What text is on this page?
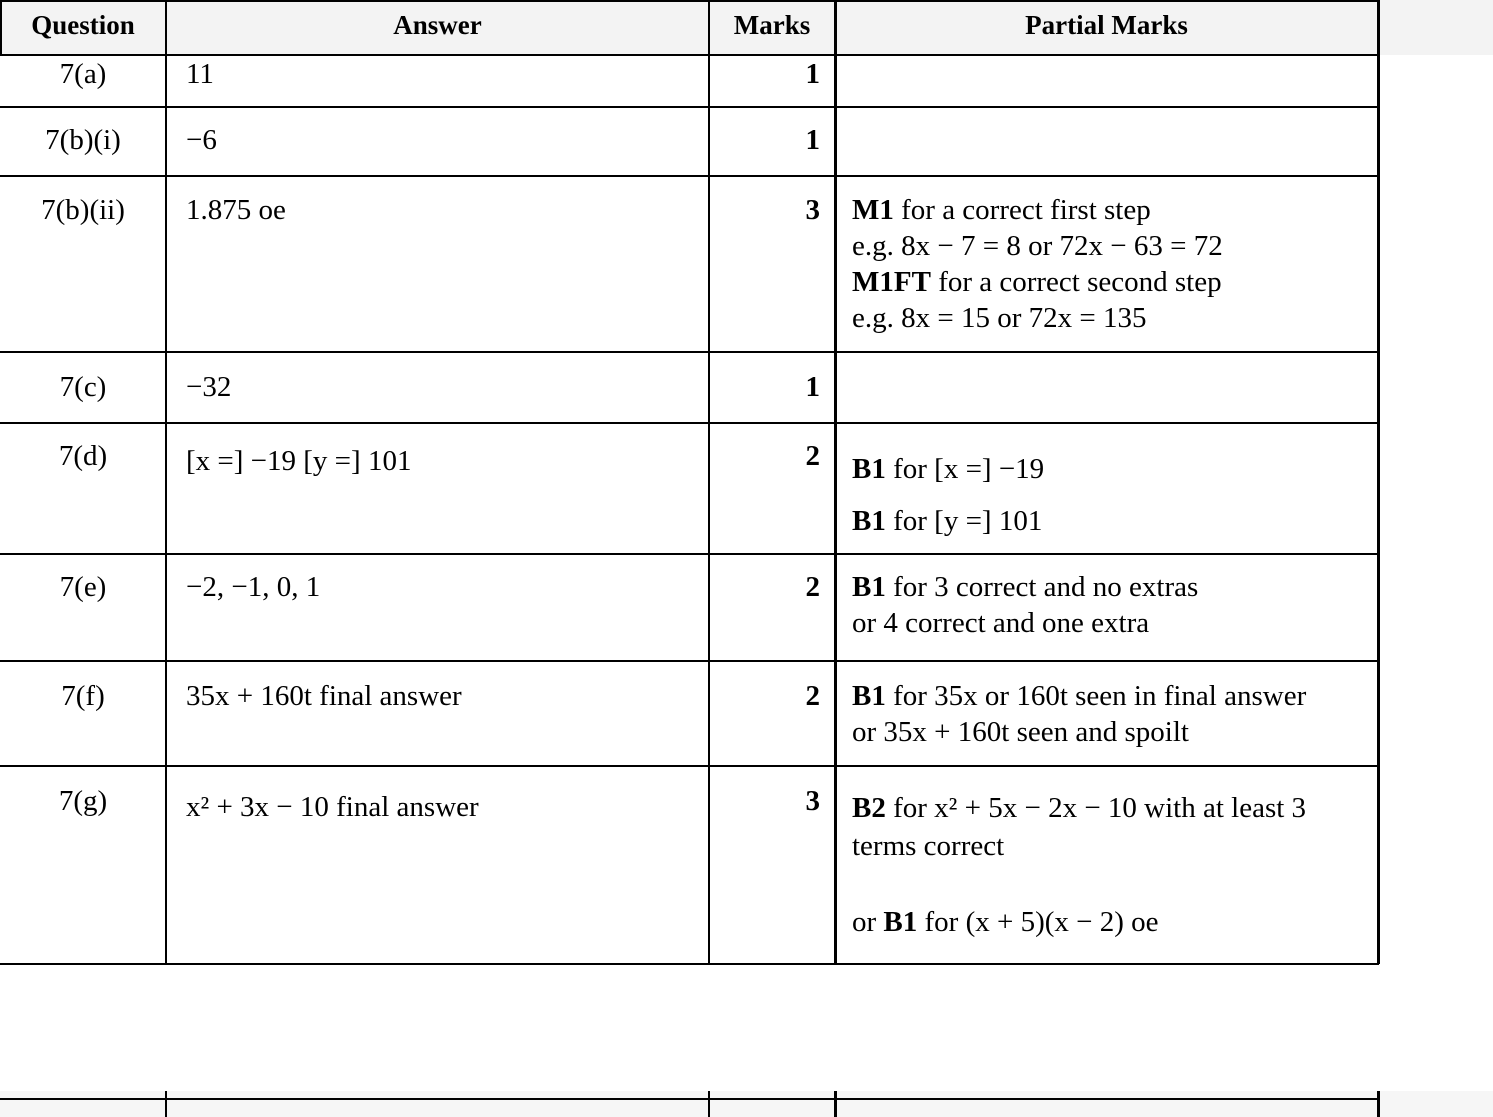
Question	Answer	Marks	Partial Marks
7(a)	11	1
7(b)(i)	−6	1
7(b)(ii)	1.875 oe	3 M1 for a correct first step
e.g. 8x − 7 = 8 or 72x − 63 = 72
M1FT for a correct second step
e.g. 8x = 15 or 72x = 135
7(c)	−32	1
7(d)	[x =] −19 [y =] 101	2 B1 for [x =] −19
B1 for [y =] 101
7(e)	−2, −1, 0, 1	2 B1 for 3 correct and no extras
or 4 correct and one extra
7(f)	35x + 160t final answer	2 B1 for 35x or 160t seen in final answer
or 35x + 160t seen and spoilt
7(g)	x² + 3x − 10 final answer	3 B2 for x² + 5x − 2x − 10 with at least 3
terms correct
or B1 for (x + 5)(x − 2) oe
